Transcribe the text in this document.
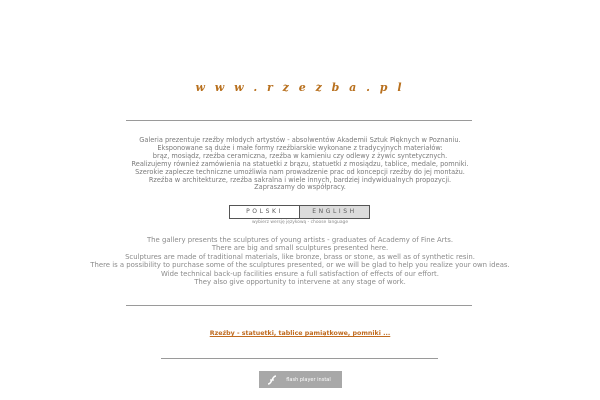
w w w . r z e z b a . p l
Galeria prezentuje rzeźby młodych artystów - absolwentów Akademii Sztuk Pięknych w Poznaniu.
Eksponowane są duże i małe formy rzeźbiarskie wykonane z tradycyjnych materiałów:
brąz, mosiądz, rzeźba ceramiczna, rzeźba w kamieniu czy odlewy z żywic syntetycznych.
Realizujemy również zamówienia na statuetki z brązu, statuetki z mosiądzu, tablice, medale, pomniki.
Szerokie zaplecze techniczne umożliwia nam prowadzenie prac od koncepcji rzeźby do jej montażu.
Rzeźba w architekturze, rzeźba sakralna i wiele innych, bardziej indywidualnych propozycji.
Zapraszamy do współpracy.
POLSKI	ENGLISH
wybierz wersję językową - choose language
The gallery presents the sculptures of young artists - graduates of Academy of Fine Arts.
There are big and small sculptures presented here.
Sculptures are made of traditional materials, like bronze, brass or stone, as well as of synthetic resin.
There is a possibility to purchase some of the sculptures presented, or we will be glad to help you realize your own ideas.
Wide technical back-up facilities ensure a full satisfaction of effects of our effort.
They also give opportunity to intervene at any stage of work.
Rzeźby - statuetki, tablice pamiątkowe, pomniki ...
flash player instal
